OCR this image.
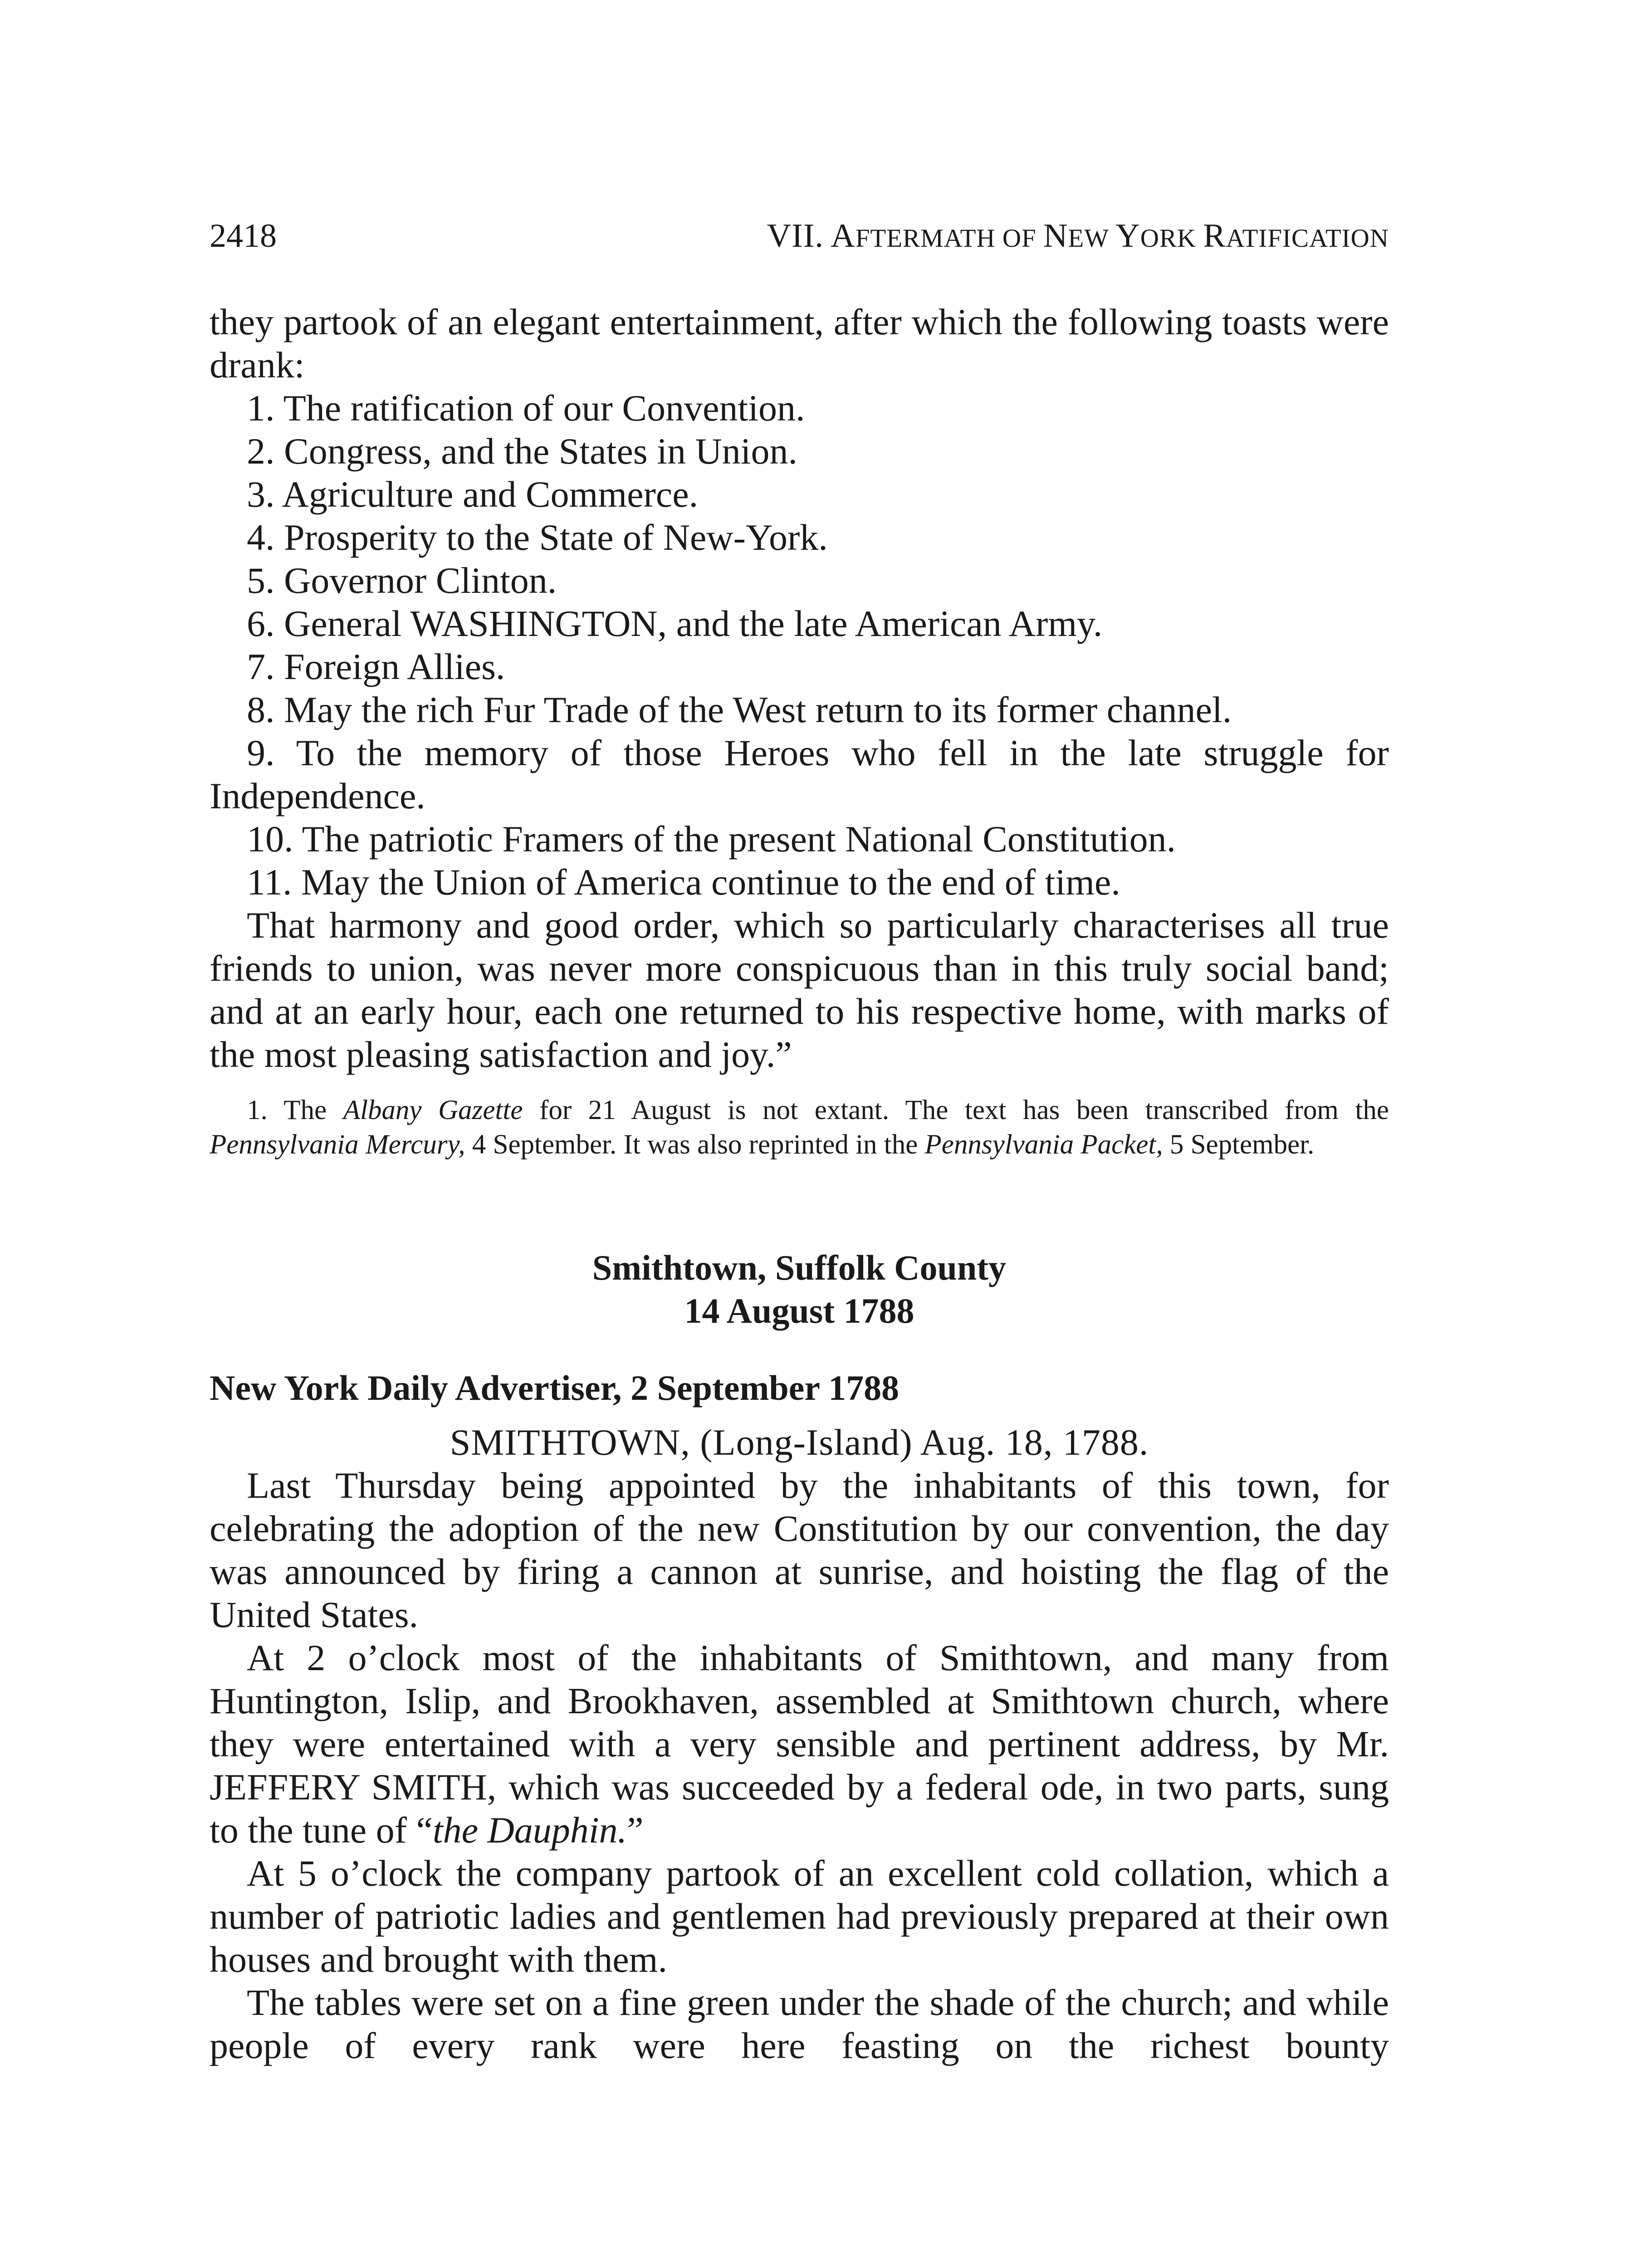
2418	VII. AFTERMATH OF NEW YORK RATIFICATION

they partook of an elegant entertainment, after which the following toasts were drank:

1. The ratification of our Convention.
2. Congress, and the States in Union.
3. Agriculture and Commerce.
4. Prosperity to the State of New-York.
5. Governor Clinton.
6. General WASHINGTON, and the late American Army.
7. Foreign Allies.
8. May the rich Fur Trade of the West return to its former channel.
9. To the memory of those Heroes who fell in the late struggle for Independence.
10. The patriotic Framers of the present National Constitution.
11. May the Union of America continue to the end of time.

That harmony and good order, which so particularly characterises all true friends to union, was never more conspicuous than in this truly social band; and at an early hour, each one returned to his respective home, with marks of the most pleasing satisfaction and joy.”

1. The Albany Gazette for 21 August is not extant. The text has been transcribed from the Pennsylvania Mercury, 4 September. It was also reprinted in the Pennsylvania Packet, 5 September.
Smithtown, Suffolk County
14 August 1788
New York Daily Advertiser, 2 September 1788
SMITHTOWN, (Long-Island) Aug. 18, 1788.

Last Thursday being appointed by the inhabitants of this town, for celebrating the adoption of the new Constitution by our convention, the day was announced by firing a cannon at sunrise, and hoisting the flag of the United States.

At 2 o’clock most of the inhabitants of Smithtown, and many from Huntington, Islip, and Brookhaven, assembled at Smithtown church, where they were entertained with a very sensible and pertinent address, by Mr. JEFFERY SMITH, which was succeeded by a federal ode, in two parts, sung to the tune of “the Dauphin.”

At 5 o’clock the company partook of an excellent cold collation, which a number of patriotic ladies and gentlemen had previously prepared at their own houses and brought with them.

The tables were set on a fine green under the shade of the church; and while people of every rank were here feasting on the richest bounty
